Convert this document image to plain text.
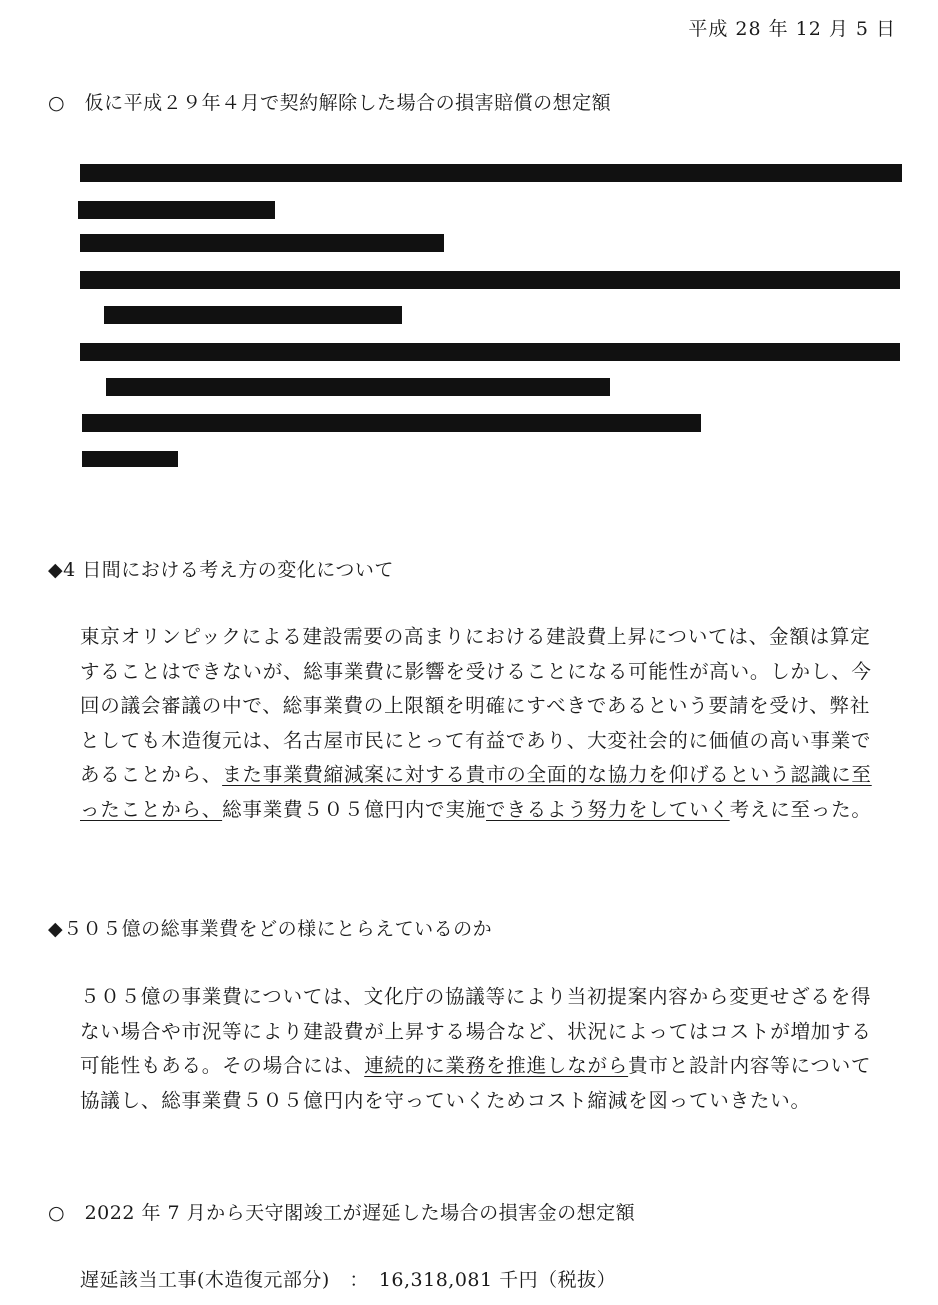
平成 28 年 12 月 5 日
○　仮に平成２９年４月で契約解除した場合の損害賠償の想定額
◆4 日間における考え方の変化について
東京オリンピックによる建設需要の高まりにおける建設費上昇については、金額は算定
することはできないが、総事業費に影響を受けることになる可能性が高い。しかし、今
回の議会審議の中で、総事業費の上限額を明確にすべきであるという要請を受け、弊社
としても木造復元は、名古屋市民にとって有益であり、大変社会的に価値の高い事業で
あることから、また事業費縮減案に対する貴市の全面的な協力を仰げるという認識に至
ったことから、総事業費５０５億円内で実施できるよう努力をしていく考えに至った。
◆５０５億の総事業費をどの様にとらえているのか
５０５億の事業費については、文化庁の協議等により当初提案内容から変更せざるを得
ない場合や市況等により建設費が上昇する場合など、状況によってはコストが増加する
可能性もある。その場合には、連続的に業務を推進しながら貴市と設計内容等について
協議し、総事業費５０５億円内を守っていくためコスト縮減を図っていきたい。
○　2022 年 7 月から天守閣竣工が遅延した場合の損害金の想定額
遅延該当工事(木造復元部分)　：　16,318,081 千円（税抜）
